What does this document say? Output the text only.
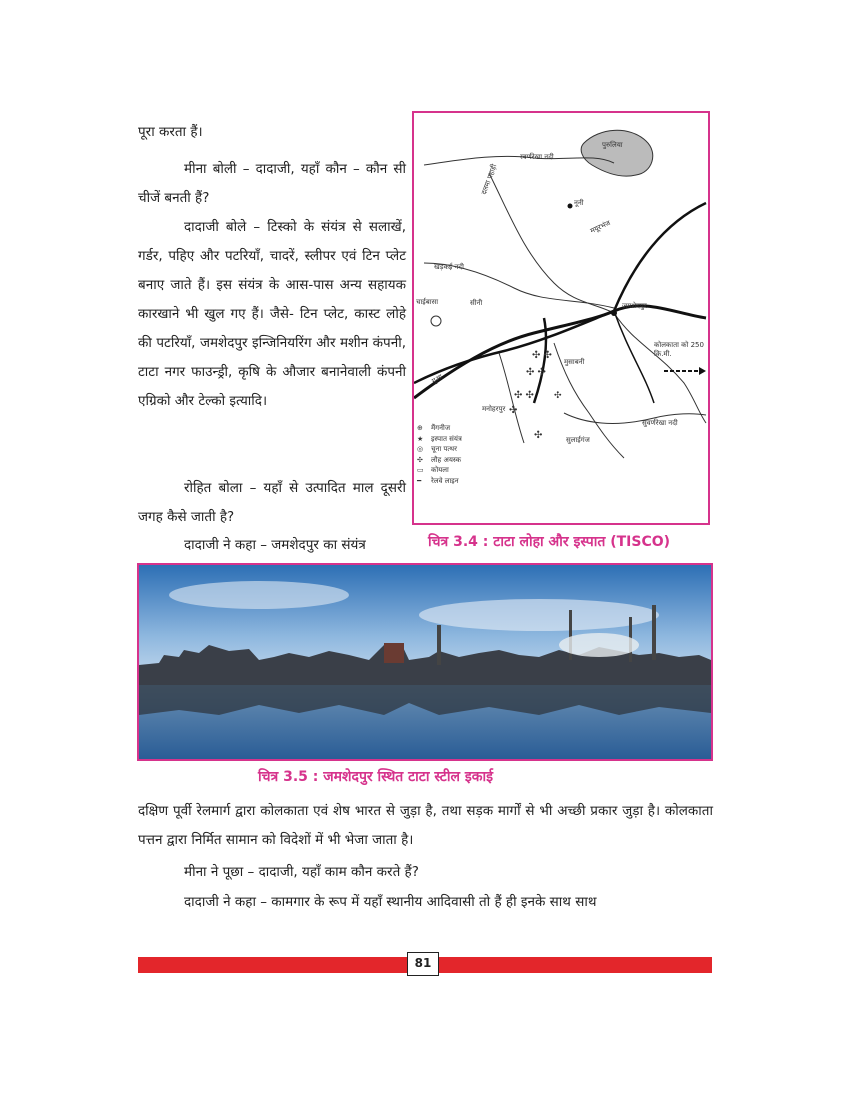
पूरा करता हैं।

मीना बोली – दादाजी, यहाँ कौन – कौन सी चीजें बनती हैं?

दादाजी बोले – टिस्को के संयंत्र से सलाखें, गर्डर, पहिए और पटरियाँ, चादरें, स्लीपर एवं टिन प्लेट बनाए जाते हैं। इस संयंत्र के आस-पास अन्य सहायक कारखाने भी खुल गए हैं। जैसे- टिन प्लेट, कास्ट लोहे की पटरियाँ, जमशेदपुर इन्जिनियरिंग और मशीन कंपनी, टाटा नगर फाउन्ड्री, कृषि के औजार बनानेवाली कंपनी एग्रिको और टेल्को इत्यादि।

रोहित बोला – यहाँ से उत्पादित माल दूसरी जगह कैसे जाती है?

दादाजी ने कहा – जमशेदपुर का संयंत्र

✣ ✣
✣ ✣
✣ ✣
✣
✣
✣
स्वर्णरेखा नदी
पुरुलिया
नूनी
दलमा पहाड़ी
खड़कई नदी
चाईबासा	सीनी	जमशेदपुर
कोलकाता को 250 कि.मी.
मुसाबनी
गुआ
मनोहरपुर
सुलाईगंज
सुवर्णरेखा नदी
मयूरभंज
⊕ मैंगनीज
★ इस्पात संयंत्र
◎ चूना पत्थर
✣ लौह अयस्क
▭ कोयला
━ रेलवे लाइन
चित्र 3.4 : टाटा लोहा और इस्पात (TISCO)
चित्र 3.5 : जमशेदपुर स्थित टाटा स्टील इकाई

दक्षिण पूर्वी रेलमार्ग द्वारा कोलकाता एवं शेष भारत से जुड़ा है, तथा सड़क मार्गों से भी अच्छी प्रकार जुड़ा है। कोलकाता पत्तन द्वारा निर्मित सामान को विदेशों में भी भेजा जाता है।

मीना ने पूछा – दादाजी, यहाँ काम कौन करते हैं?

दादाजी ने कहा – कामगार के रूप में यहाँ स्थानीय आदिवासी तो हैं ही इनके साथ साथ

81
